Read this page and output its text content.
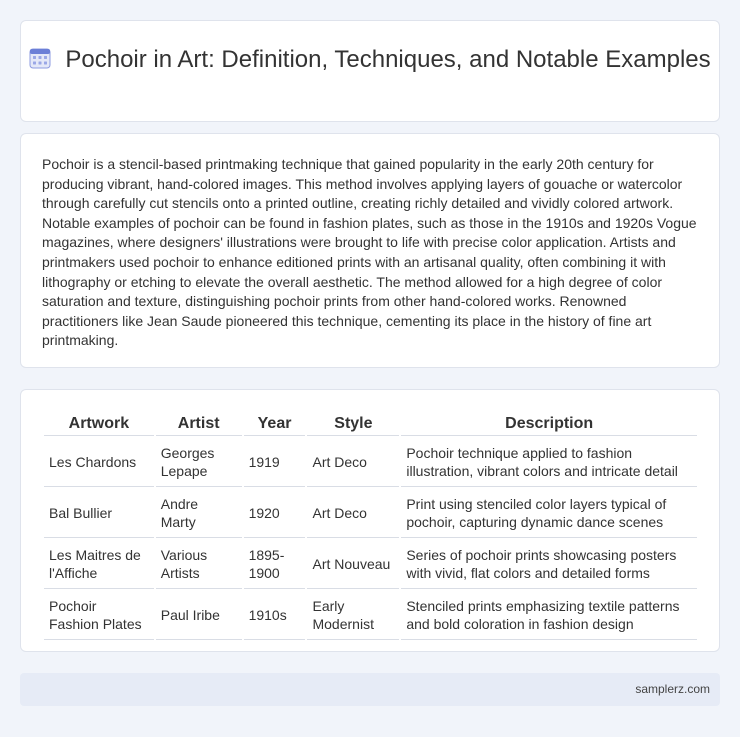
Pochoir in Art: Definition, Techniques, and Notable Examples

Pochoir is a stencil-based printmaking technique that gained popularity in the early 20th century for producing vibrant, hand-colored images. This method involves applying layers of gouache or watercolor through carefully cut stencils onto a printed outline, creating richly detailed and vividly colored artwork. Notable examples of pochoir can be found in fashion plates, such as those in the 1910s and 1920s Vogue magazines, where designers' illustrations were brought to life with precise color application. Artists and printmakers used pochoir to enhance editioned prints with an artisanal quality, often combining it with lithography or etching to elevate the overall aesthetic. The method allowed for a high degree of color saturation and texture, distinguishing pochoir prints from other hand-colored works. Renowned practitioners like Jean Saude pioneered this technique, cementing its place in the history of fine art printmaking.

Artwork	Artist	Year	Style	Description
Les Chardons	Georges Lepape	1919	Art Deco	Pochoir technique applied to fashion illustration, vibrant colors and intricate detail
Bal Bullier	Andre Marty	1920	Art Deco	Print using stenciled color layers typical of pochoir, capturing dynamic dance scenes
Les Maitres de l'Affiche	Various Artists	1895-1900	Art Nouveau	Series of pochoir prints showcasing posters with vivid, flat colors and detailed forms
Pochoir Fashion Plates	Paul Iribe	1910s	Early Modernist	Stenciled prints emphasizing textile patterns and bold coloration in fashion design
samplerz.com
